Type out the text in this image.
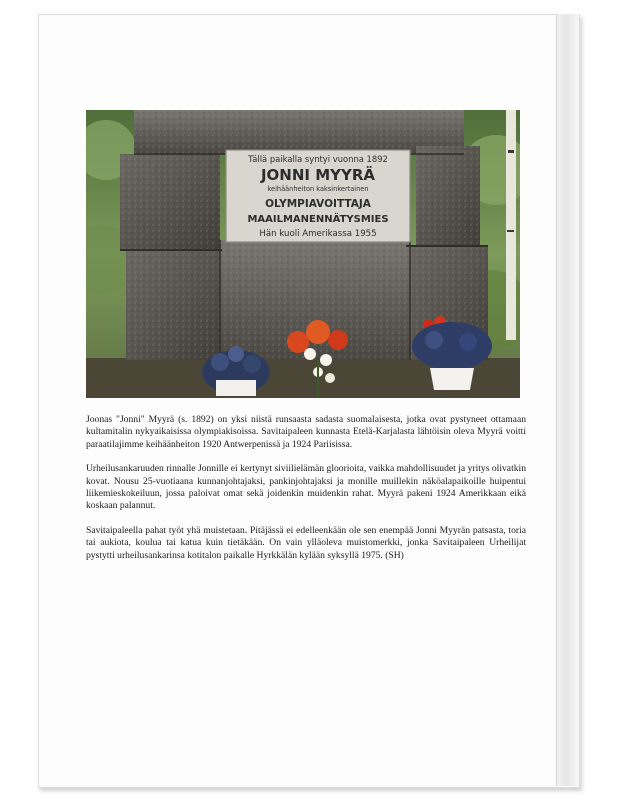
Tällä paikalla syntyi vuonna 1892
JONNI MYYRÄ
keihäänheiton kaksinkertainen
OLYMPIAVOITTAJA
MAAILMANENNÄTYSMIES
Hän kuoli Amerikassa 1955

Joonas "Jonni" Myyrä (s. 1892) on yksi niistä runsaasta sadasta suomalaisesta, jotka ovat pystyneet ottamaan kultamitalin nykyaikaisissa olympiakisoissa. Savitaipaleen kunnasta Etelä-Karjalasta lähtöisin oleva Myyrä voitti paraatilajimme keihäänheiton 1920 Antwerpenissä ja 1924 Pariisissa.

Urheilusankaruuden rinnalle Jonnille ei kertynyt siviilielämän gloorioita, vaikka mahdollisuudet ja yritys olivatkin kovat. Nousu 25-vuotiaana kunnanjohtajaksi, pankinjohtajaksi ja monille muillekin näköalapaikoille huipentui liikemieskokeiluun, jossa paloivat omat sekä joidenkin muidenkin rahat. Myyrä pakeni 1924 Amerikkaan eikä koskaan palannut.

Savitaipaleella pahat työt yhä muistetaan. Pitäjässä ei edelleenkään ole sen enempää Jonni Myyrän patsasta, toria tai aukiota, koulua tai katua kuin tietäkään. On vain ylläoleva muistomerkki, jonka Savitaipaleen Urheilijat pystytti urheilusankarinsa kotitalon paikalle Hyrkkälän kylään syksyllä 1975. (SH)
